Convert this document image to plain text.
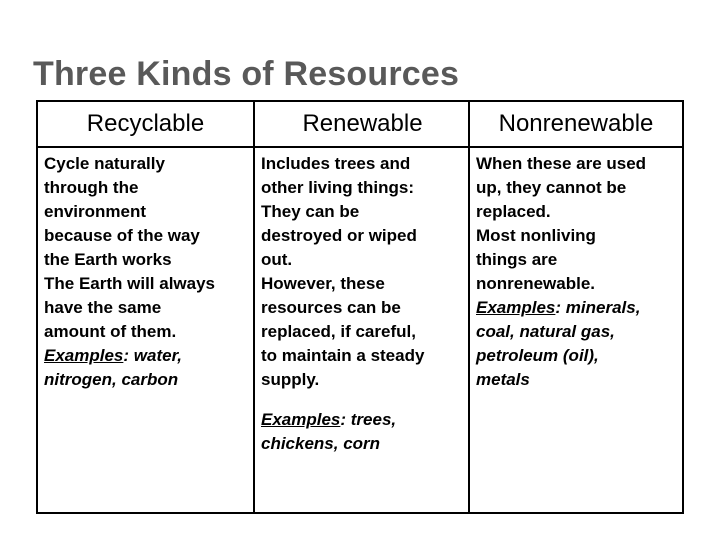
Three Kinds of Resources
Recyclable

Cycle naturally

through the

environment

because of the way

the Earth works

The Earth will always

have the same

amount of them.

Examples: water,

nitrogen, carbon

Renewable

Includes trees and

other living things:

They can be

destroyed or wiped

out.

However, these

resources can be

replaced, if careful,

to maintain a steady

supply.

Examples: trees,

chickens, corn

Nonrenewable

When these are used

up, they cannot be

replaced.

Most nonliving

things are

nonrenewable.

Examples: minerals,

coal, natural gas,

petroleum (oil),

metals
